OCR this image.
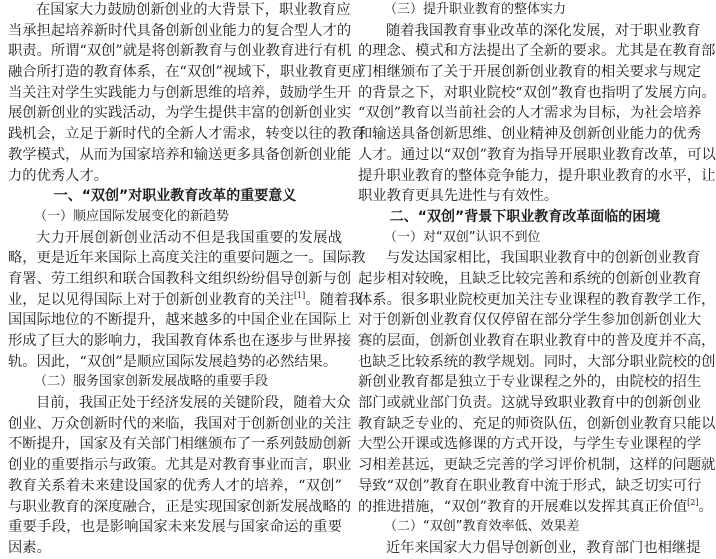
在国家大力鼓励创新创业的大背景下，职业教育应
当承担起培养新时代具备创新创业能力的复合型人才的
职责。所谓“双创”就是将创新教育与创业教育进行有机
融合所打造的教育体系，在“双创”视域下，职业教育更应
当关注对学生实践能力与创新思维的培养，鼓励学生开
展创新创业的实践活动，为学生提供丰富的创新创业实
践机会，立足于新时代的全新人才需求，转变以往的教育
教学模式，从而为国家培养和输送更多具备创新创业能
力的优秀人才。
一、“双创”对职业教育改革的重要意义
（一）顺应国际发展变化的新趋势
大力开展创新创业活动不但是我国重要的发展战
略，更是近年来国际上高度关注的重要问题之一。国际教
育署、劳工组织和联合国教科文组织纷纷倡导创新与创
业，足以见得国际上对于创新创业教育的关注[1]。随着我
国国际地位的不断提升，越来越多的中国企业在国际上
形成了巨大的影响力，我国教育体系也在逐步与世界接
轨。因此，“双创”是顺应国际发展趋势的必然结果。
（二）服务国家创新发展战略的重要手段
目前，我国正处于经济发展的关键阶段，随着大众
创业、万众创新时代的来临，我国对于创新创业的关注
不断提升，国家及有关部门相继颁布了一系列鼓励创新
创业的重要指示与政策。尤其是对教育事业而言，职业
教育关系着未来建设国家的优秀人才的培养，“双创”
与职业教育的深度融合，正是实现国家创新发展战略的
重要手段，也是影响国家未来发展与国家命运的重要
因素。
（三）提升职业教育的整体实力
随着我国教育事业改革的深化发展，对于职业教育
的理念、模式和方法提出了全新的要求。尤其是在教育部
门相继颁布了关于开展创新创业教育的相关要求与规定
的背景之下，对职业院校“双创”教育也指明了发展方向。
“双创”教育以当前社会的人才需求为目标，为社会培养
和输送具备创新思维、创业精神及创新创业能力的优秀
人才。通过以“双创”教育为指导开展职业教育改革，可以
提升职业教育的整体竞争能力，提升职业教育的水平，让
职业教育更具先进性与有效性。
二、“双创”背景下职业教育改革面临的困境
（一）对“双创”认识不到位
与发达国家相比，我国职业教育中的创新创业教育
起步相对较晚，且缺乏比较完善和系统的创新创业教育
体系。很多职业院校更加关注专业课程的教育教学工作，
对于创新创业教育仅仅停留在部分学生参加创新创业大
赛的层面，创新创业教育在职业教育中的普及度并不高，
也缺乏比较系统的教学规划。同时，大部分职业院校的创
新创业教育都是独立于专业课程之外的，由院校的招生
部门或就业部门负责。这就导致职业教育中的创新创业
教育缺乏专业的、充足的师资队伍，创新创业教育只能以
大型公开课或选修课的方式开设，与学生专业课程的学
习相差甚远，更缺乏完善的学习评价机制，这样的问题就
导致“双创”教育在职业教育中流于形式，缺乏切实可行
的推进措施，“双创”教育的开展难以发挥其真正价值[2]。
（二）“双创”教育效率低、效果差
近年来国家大力倡导创新创业，教育部门也相继提
